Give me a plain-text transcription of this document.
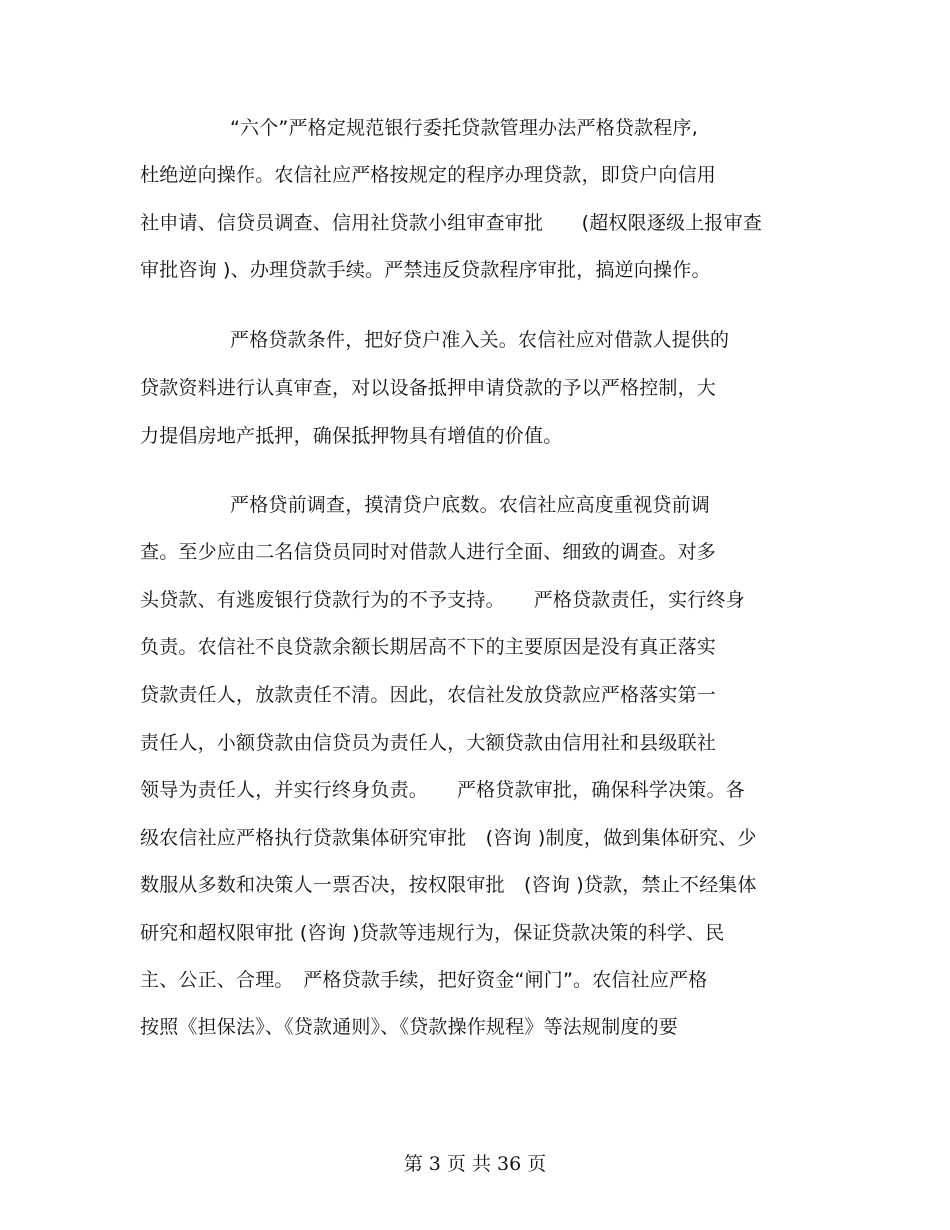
“六个”严格定规范银行委托贷款管理办法严格贷款程序,
杜绝逆向操作。农信社应严格按规定的程序办理贷款，即贷户向信用
社申请、信贷员调查、信用社贷款小组审查审批　　(超权限逐级上报审查
审批咨询 )、办理贷款手续。严禁违反贷款程序审批，搞逆向操作。
严格贷款条件，把好贷户准入关。农信社应对借款人提供的
贷款资料进行认真审查，对以设备抵押申请贷款的予以严格控制，大
力提倡房地产抵押，确保抵押物具有增值的价值。
严格贷前调查，摸清贷户底数。农信社应高度重视贷前调
查。至少应由二名信贷员同时对借款人进行全面、细致的调查。对多
头贷款、有逃废银行贷款行为的不予支持。　　严格贷款责任，实行终身
负责。农信社不良贷款余额长期居高不下的主要原因是没有真正落实
贷款责任人，放款责任不清。因此，农信社发放贷款应严格落实第一
责任人，小额贷款由信贷员为责任人，大额贷款由信用社和县级联社
领导为责任人，并实行终身负责。　　严格贷款审批，确保科学决策。各
级农信社应严格执行贷款集体研究审批　(咨询 )制度，做到集体研究、少
数服从多数和决策人一票否决，按权限审批　(咨询 )贷款，禁止不经集体
研究和超权限审批 (咨询 )贷款等违规行为，保证贷款决策的科学、民
主、公正、合理。　严格贷款手续，把好资金“闸门”。农信社应严格
按照《担保法》、《贷款通则》、《贷款操作规程》等法规制度的要
第 3 页 共 36 页
